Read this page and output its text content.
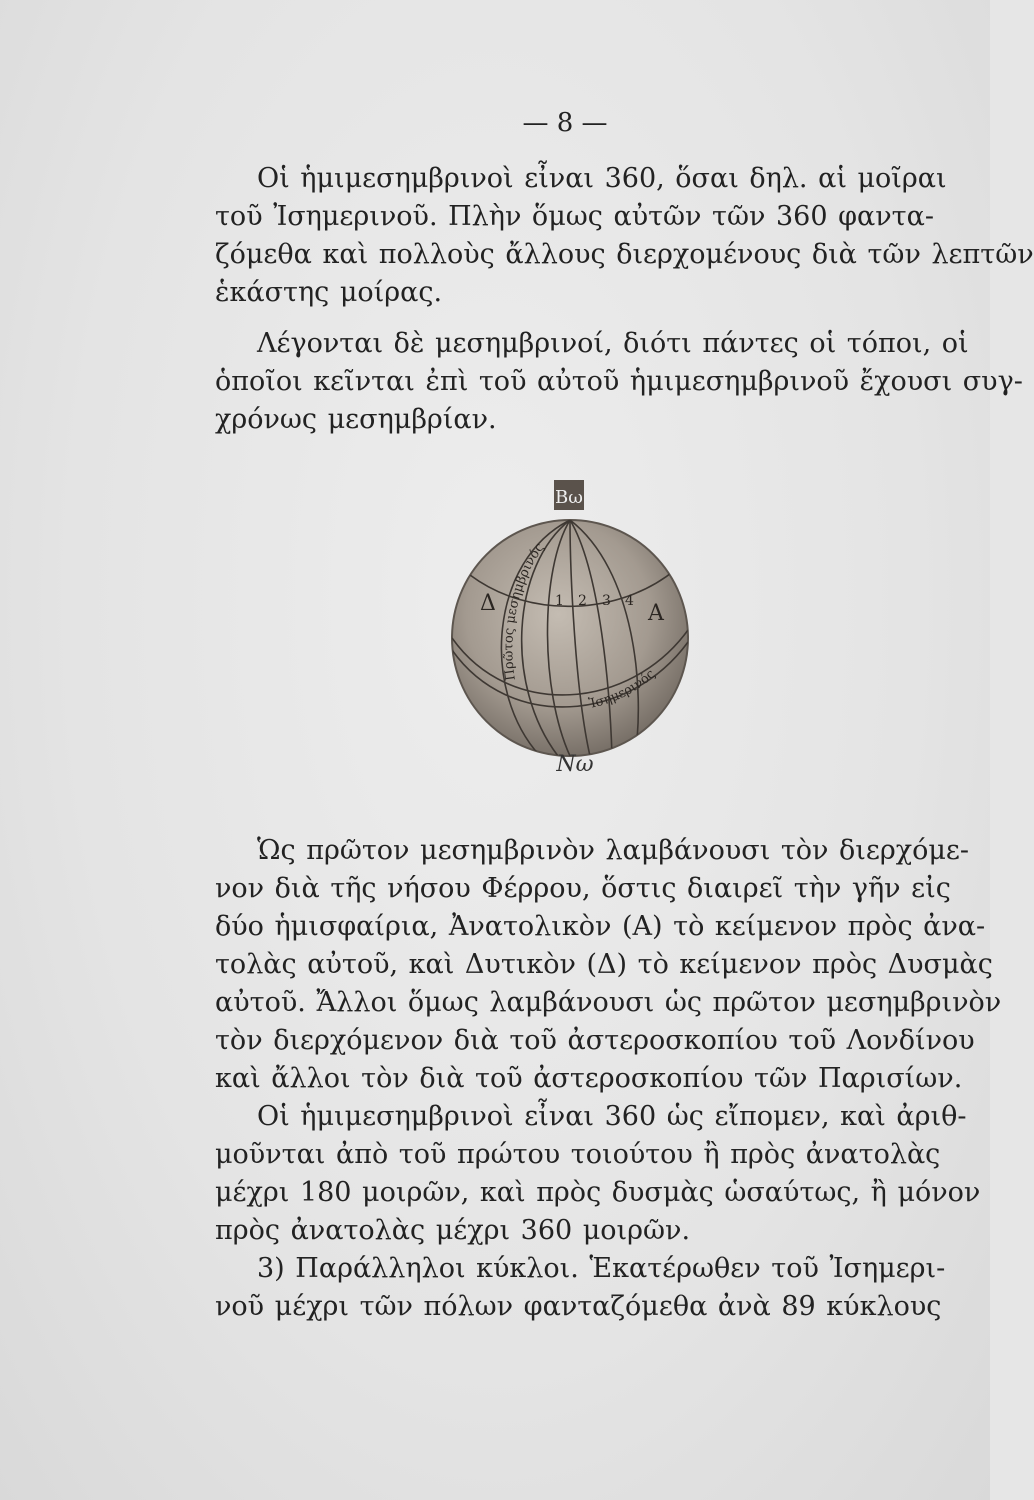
— 8 —
Οἱ ἡμιμεσημβρινοὶ εἶναι 360, ὅσαι δηλ. αἱ μοῖραι
τοῦ Ἰσημερινοῦ. Πλὴν ὅμως αὐτῶν τῶν 360 φαντα-
ζόμεθα καὶ πολλοὺς ἄλλους διερχομένους διὰ τῶν λεπτῶν
ἑκάστης μοίρας.
Λέγονται δὲ μεσημβρινοί, διότι πάντες οἱ τόποι, οἱ
ὁποῖοι κεῖνται ἐπὶ τοῦ αὐτοῦ ἡμιμεσημβρινοῦ ἔχουσι συγ-
χρόνως μεσημβρίαν.
Βω
Δ	Α
1 2 3 4
Πρῶτος μεσημβρινός
Ἰσημερινός
Νω
Ὡς πρῶτον μεσημβρινὸν λαμβάνουσι τὸν διερχόμε-
νον διὰ τῆς νήσου Φέρρου, ὅστις διαιρεῖ τὴν γῆν εἰς
δύο ἡμισφαίρια, Ἀνατολικὸν (Α) τὸ κείμενον πρὸς ἀνα-
τολὰς αὐτοῦ, καὶ Δυτικὸν (Δ) τὸ κείμενον πρὸς Δυσμὰς
αὐτοῦ. Ἄλλοι ὅμως λαμβάνουσι ὡς πρῶτον μεσημβρινὸν
τὸν διερχόμενον διὰ τοῦ ἀστεροσκοπίου τοῦ Λονδίνου
καὶ ἄλλοι τὸν διὰ τοῦ ἀστεροσκοπίου τῶν Παρισίων.
Οἱ ἡμιμεσημβρινοὶ εἶναι 360 ὡς εἴπομεν, καὶ ἀριθ-
μοῦνται ἀπὸ τοῦ πρώτου τοιούτου ἢ πρὸς ἀνατολὰς
μέχρι 180 μοιρῶν, καὶ πρὸς δυσμὰς ὡσαύτως, ἢ μόνον
πρὸς ἀνατολὰς μέχρι 360 μοιρῶν.
3) Παράλληλοι κύκλοι. Ἑκατέρωθεν τοῦ Ἰσημερι-
νοῦ μέχρι τῶν πόλων φανταζόμεθα ἀνὰ 89 κύκλους
